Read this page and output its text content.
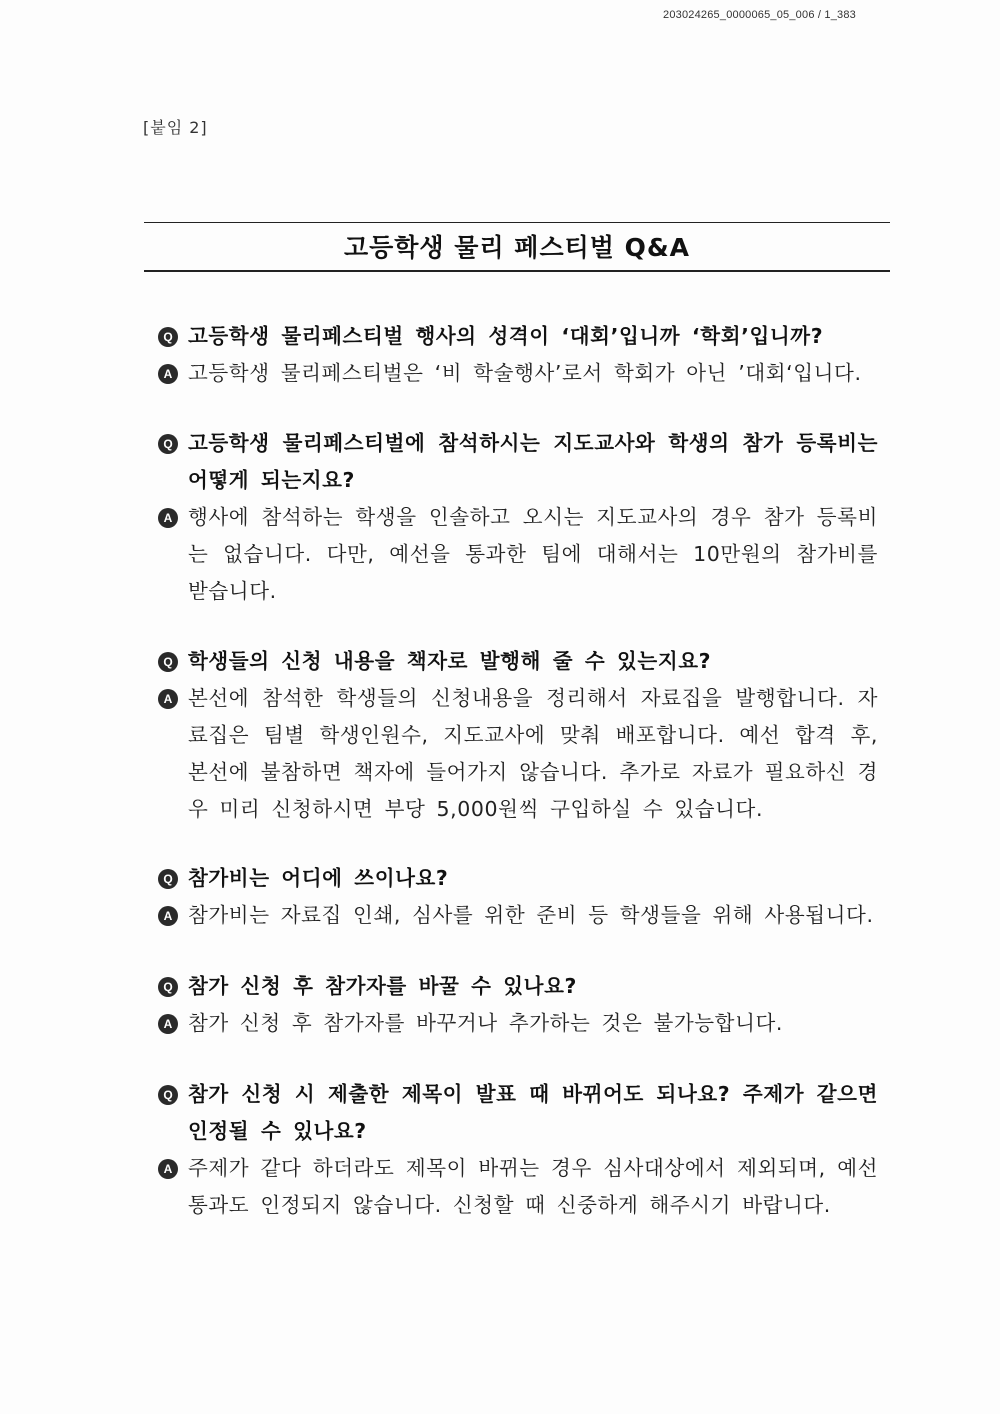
203024265_0000065_05_006 / 1_383
[붙임 2]
고등학생 물리 페스티벌 Q&A
Q 고등학생 물리페스티벌 행사의 성격이 ‘대회’입니까 ‘학회’입니까?
A 고등학생 물리페스티벌은 ‘비 학술행사’로서 학회가 아닌 ’대회‘입니다.
Q 고등학생 물리페스티벌에 참석하시는 지도교사와 학생의 참가 등록비는 어떻게 되는지요?
A 행사에 참석하는 학생을 인솔하고 오시는 지도교사의 경우 참가 등록비는 없습니다. 다만, 예선을 통과한 팀에 대해서는 10만원의 참가비를 받습니다.
Q 학생들의 신청 내용을 책자로 발행해 줄 수 있는지요?
A 본선에 참석한 학생들의 신청내용을 정리해서 자료집을 발행합니다. 자료집은 팀별 학생인원수, 지도교사에 맞춰 배포합니다. 예선 합격 후, 본선에 불참하면 책자에 들어가지 않습니다. 추가로 자료가 필요하신 경우 미리 신청하시면 부당 5,000원씩 구입하실 수 있습니다.
Q 참가비는 어디에 쓰이나요?
A 참가비는 자료집 인쇄, 심사를 위한 준비 등 학생들을 위해 사용됩니다.
Q 참가 신청 후 참가자를 바꿀 수 있나요?
A 참가 신청 후 참가자를 바꾸거나 추가하는 것은 불가능합니다.
Q 참가 신청 시 제출한 제목이 발표 때 바뀌어도 되나요? 주제가 같으면 인정될 수 있나요?
A 주제가 같다 하더라도 제목이 바뀌는 경우 심사대상에서 제외되며, 예선 통과도 인정되지 않습니다. 신청할 때 신중하게 해주시기 바랍니다.
